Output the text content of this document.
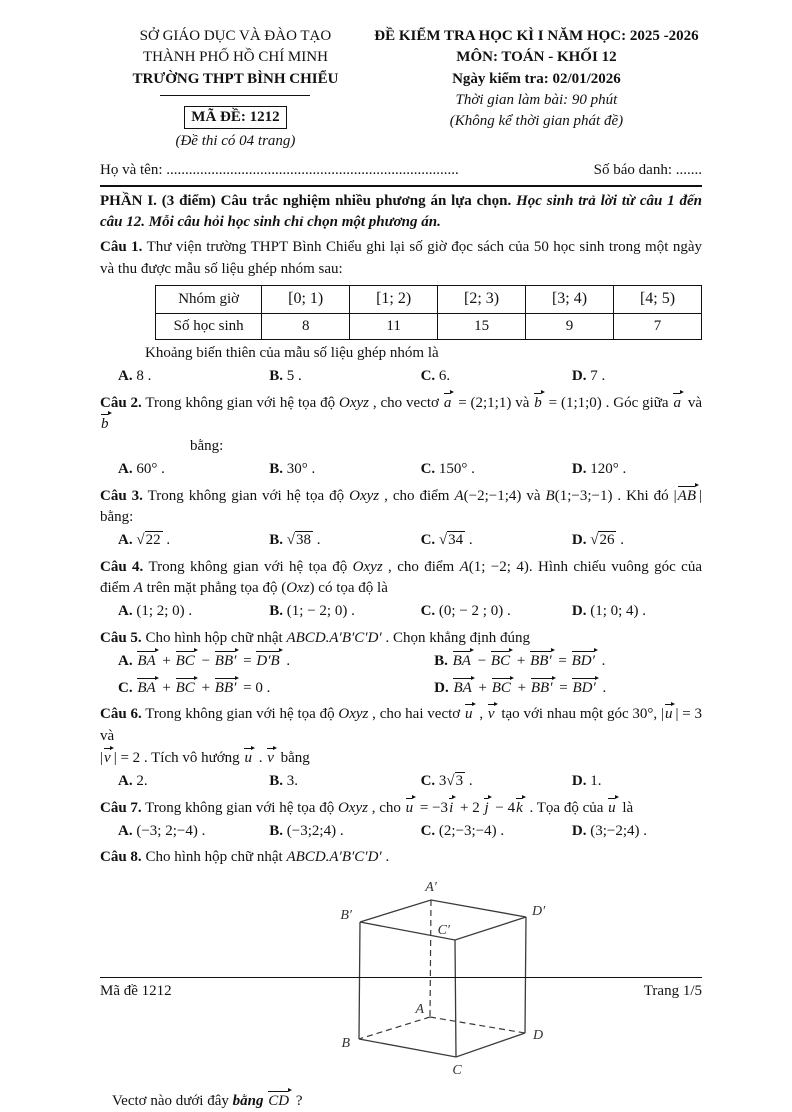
SỞ GIÁO DỤC VÀ ĐÀO TẠO
THÀNH PHỐ HỒ CHÍ MINH
TRƯỜNG THPT BÌNH CHIỂU
MÃ ĐỀ: 1212
(Đề thi có 04 trang)
ĐỀ KIỂM TRA HỌC KÌ I NĂM HỌC: 2025 -2026
MÔN: TOÁN - KHỐI 12
Ngày kiểm tra: 02/01/2026
Thời gian làm bài: 90 phút
(Không kể thời gian phát đề)
Họ và tên: ..............................................................................	Số báo danh: .......

PHẦN I. (3 điểm) Câu trắc nghiệm nhiều phương án lựa chọn. Học sinh trả lời từ câu 1 đến câu 12. Mỗi câu hỏi học sinh chỉ chọn một phương án.

Câu 1. Thư viện trường THPT Bình Chiểu ghi lại số giờ đọc sách của 50 học sinh trong một ngày và thu được mẫu số liệu ghép nhóm sau:

Nhóm giờ	[0; 1)	[1; 2)	[2; 3)	[3; 4)	[4; 5)
Số học sinh	8	11	15	9	7

Khoảng biến thiên của mẫu số liệu ghép nhóm là

A. 8 .	B. 5 .	C. 6.	D. 7 .

Câu 2. Trong không gian với hệ tọa độ Oxyz , cho vectơ a = (2;1;1) và b = (1;1;0) . Góc giữa a và b

bằng:

A. 60° .	B. 30° .	C. 150° .	D. 120° .

Câu 3. Trong không gian với hệ tọa độ Oxyz , cho điểm A(−2;−1;4) và B(1;−3;−1) . Khi đó |AB | bằng:

A. √22 .	B. √38 .	C. √34 .	D. √26 .

Câu 4. Trong không gian với hệ tọa độ Oxyz , cho điểm A(1; −2; 4). Hình chiếu vuông góc của điểm A trên mặt phẳng tọa độ (Oxz) có tọa độ là

A. (1; 2; 0) .	B. (1; − 2; 0) .	C. (0; − 2 ; 0) .	D. (1; 0; 4) .

Câu 5. Cho hình hộp chữ nhật ABCD.A′B′C′D′ . Chọn khẳng định đúng

A. BA + BC − BB′ = D′B .	B. BA − BC + BB′ = BD′ .
C. BA + BC + BB′ = 0 .	D. BA + BC + BB′ = BD′ .

Câu 6. Trong không gian với hệ tọa độ Oxyz , cho hai vectơ u , v tạo với nhau một góc 30°, |u | = 3 và

|v | = 2 . Tích vô hướng u . v bằng

A. 2.	B. 3.	C. 3√3 .	D. 1.

Câu 7. Trong không gian với hệ tọa độ Oxyz , cho u = −3i + 2 j − 4k . Tọa độ của u là

A. (−3; 2;−4) .	B. (−3;2;4) .	C. (2;−3;−4) .	D. (3;−2;4) .

Câu 8. Cho hình hộp chữ nhật ABCD.A′B′C′D′ .

A′
B′
C′
D′
A
B
C
D

Vectơ nào dưới đây bằng CD ?

Mã đề 1212	Trang 1/5
